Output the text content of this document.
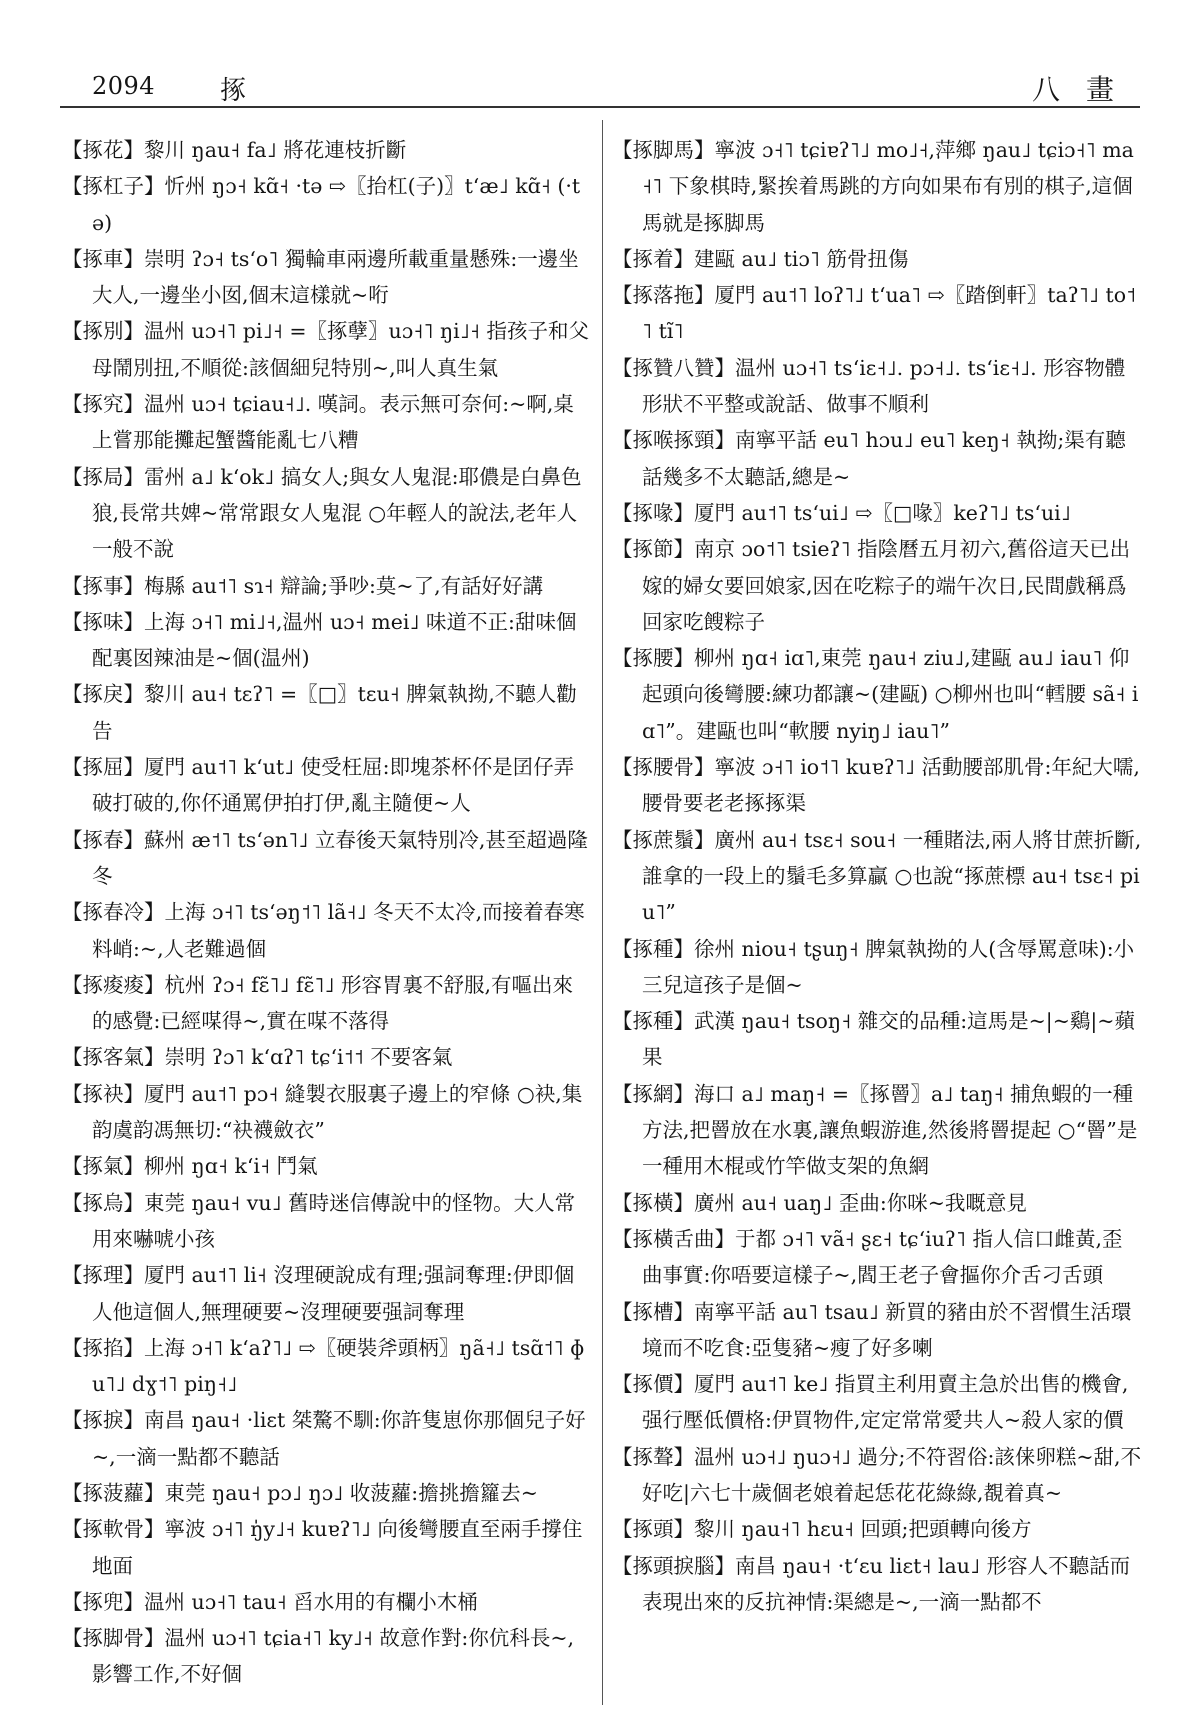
2094 㧻	八畫
【 㧻花 】 黎川 ŋau˧ fa˩ 將花連枝折斷
【 㧻杠子 】 忻州 ŋɔ˧ kɑ̃˧ ·tə ⇨〖抬杠(子)〗tʻæ˩ kɑ̃˧ (·tə)
【 㧻車 】 崇明 ʔɔ˧ tsʻo˥ 獨輪車兩邊所載重量懸殊:一邊坐大人,一邊坐小囡,個末這樣就~哘
【 㧻別 】 温州 uɔ˧˥ pi˩˧ =〖㧻孽〗uɔ˧˥ ŋi˩˧ 指孩子和父母鬧別扭,不順從:該個細兒特別~,叫人真生氣
【 㧻究 】 温州 uɔ˧ tɕiau˧˩. 嘆詞。表示無可奈何:~啊,桌上嘗那能攤起蟹醬能亂七八糟
【 㧻局 】 雷州 a˩ kʻok˩ 搞女人;與女人鬼混:耶儂是白鼻色狼,長常共婢~常常跟女人鬼混 ○年輕人的說法,老年人一般不說
【 㧻事 】 梅縣 au˦˥ sɿ˧ 辯論;爭吵:莫~了,有話好好講
【 㧻味 】 上海 ɔ˧˥ mi˩˧,温州 uɔ˧ mei˩ 味道不正:甜味個配裏囡辣油是~個(温州)
【 㧻戾 】 黎川 au˧ tɛʔ˥ =〖□〗tɛu˧ 脾氣執拗,不聽人勸告
【 㧻屈 】 厦門 au˦˥ kʻut˩ 使受枉屈:即塊茶杯伓是囝仔弄破打破的,你伓通罵伊拍打伊,亂主隨便~人
【 㧻春 】 蘇州 æ˦˥ tsʻən˥˩ 立春後天氣特別冷,甚至超過隆冬
【 㧻春冷 】 上海 ɔ˧˥ tsʻəŋ˦˥ lã˧˩ 冬天不太冷,而接着春寒料峭:~,人老難過個
【 㧻痠痠 】 杭州 ʔɔ˧ fɛ̃˥˩ fɛ̃˥˩ 形容胃裏不舒服,有嘔出來的感覺:已經㖼得~,實在㖼不落得
【 㧻客氣 】 崇明 ʔɔ˥ kʻɑʔ˥ tɕʻi˦˦ 不要客氣
【 㧻袂 】 厦門 au˦˥ pɔ˧ 縫製衣服裏子邊上的窄條 ○袂,集韵虞韵馮無切:“袂襪斂衣”
【 㧻氣 】 柳州 ŋɑ˧ kʻi˧ 鬥氣
【 㧻烏 】 東莞 ŋau˧ vu˩ 舊時迷信傳說中的怪物。大人常用來嚇唬小孩
【 㧻理 】 厦門 au˦˥ li˧ 沒理硬說成有理;强詞奪理:伊即個人他這個人,無理硬要~沒理硬要强詞奪理
【 㧻掐 】 上海 ɔ˧˥ kʻaʔ˥˩ ⇨〖硬裝斧頭柄〗ŋã˧˩ tsɑ̃˦˥ ɸu˥˩ dɣ˦˥ piŋ˧˩
【 㧻捩 】 南昌 ŋau˧ ·liɛt 桀驁不馴:你許隻崽你那個兒子好~,一滴一點都不聽話
【 㧻菠蘿 】 東莞 ŋau˧ pɔ˩ ŋɔ˩ 收菠蘿:擔挑擔籮去~
【 㧻軟骨 】 寧波 ɔ˧˥ ŋ̍y˩˧ kuɐʔ˥˩ 向後彎腰直至兩手撐住地面
【 㧻兜 】 温州 uɔ˧˥ tau˧ 舀水用的有欄小木桶
【 㧻脚骨 】 温州 uɔ˧˥ tɕia˧˥ ky˩˧ 故意作對:你伉科長~,影響工作,不好個
【 㧻脚馬 】 寧波 ɔ˧˥ tɕiɐʔ˥˩ mo˩˧,萍鄉 ŋau˩ tɕiɔ˧˥ ma˧˥ 下象棋時,緊挨着馬跳的方向如果布有別的棋子,這個馬就是㧻脚馬
【 㧻着 】 建甌 au˩ tiɔ˥ 筋骨扭傷
【 㧻落拖 】 厦門 au˦˥ loʔ˥˩ tʻua˥ ⇨〖踏倒軒〗taʔ˥˩ to˦˥ tĩ˥
【 㧻贊八贊 】 温州 uɔ˧˥ tsʻiɛ˧˩. pɔ˧˩. tsʻiɛ˧˩. 形容物體形狀不平整或說話、做事不順利
【 㧻喉㧻頸 】 南寧平話 eu˥ hɔu˩ eu˥ keŋ˧ 執拗;渠有聽話幾多不太聽話,總是~
【 㧻喙 】 厦門 au˦˥ tsʻui˩ ⇨〖□喙〗keʔ˥˩ tsʻui˩
【 㧻節 】 南京 ɔo˦˥ tsieʔ˥ 指陰曆五月初六,舊俗這天已出嫁的婦女要回娘家,因在吃粽子的端午次日,民間戲稱爲回家吃餿粽子
【 㧻腰 】 柳州 ŋɑ˧ iɑ˥,東莞 ŋau˧ ziu˩,建甌 au˩ iau˥ 仰起頭向後彎腰:練功都讓~(建甌) ○柳州也叫“轌腰 sã˧ iɑ˥”。建甌也叫“軟腰 nyiŋ˩ iau˥”
【 㧻腰骨 】 寧波 ɔ˧˥ io˦˥ kuɐʔ˥˩ 活動腰部肌骨:年紀大嚅,腰骨要老老㧻㧻渠
【 㧻蔗鬚 】 廣州 au˧ tsɛ˧ sou˧ 一種賭法,兩人將甘蔗折斷,誰拿的一段上的鬚毛多算贏 ○也說“㧻蔗標 au˧ tsɛ˧ piu˥”
【 㧻種 】 徐州 niou˧ tʂuŋ˧ 脾氣執拗的人(含辱罵意味):小三兒這孩子是個~
【 㧻種 】 武漢 ŋau˧ tsoŋ˧ 雜交的品種:這馬是~|~鷄|~蘋果
【 㧻網 】 海口 a˩ maŋ˧ =〖㧻罾〗a˩ taŋ˧ 捕魚蝦的一種方法,把罾放在水裏,讓魚蝦游進,然後將罾提起 ○“罾”是一種用木棍或竹竿做支架的魚網
【 㧻橫 】 廣州 au˧ uaŋ˩ 歪曲:你咪~我嘅意見
【 㧻橫舌曲 】 于都 ɔ˧˥ vã˧ ʂɛ˧ tɕʻiuʔ˥ 指人信口雌黃,歪曲事實:你唔要這樣子~,閻王老子會摳你介舌刁舌頭
【 㧻槽 】 南寧平話 au˥ tsau˩ 新買的豬由於不習慣生活環境而不吃食:亞隻豬~瘦了好多喇
【 㧻價 】 厦門 au˦˥ ke˩ 指買主利用賣主急於出售的機會,强行壓低價格:伊買物件,定定常常愛共人~殺人家的價
【 㧻聱 】 温州 uɔ˧˩ ŋuɔ˧˩ 過分;不符習俗:該俫卵糕~甜,不好吃|六七十歲個老娘着起恁花花綠綠,覩着真~
【 㧻頭 】 黎川 ŋau˧˥ hɛu˧ 回頭;把頭轉向後方
【 㧻頭捩腦 】 南昌 ŋau˧ ·tʻɛu liɛt˧ lau˩ 形容人不聽話而表現出來的反抗神情:渠總是~,一滴一點都不
